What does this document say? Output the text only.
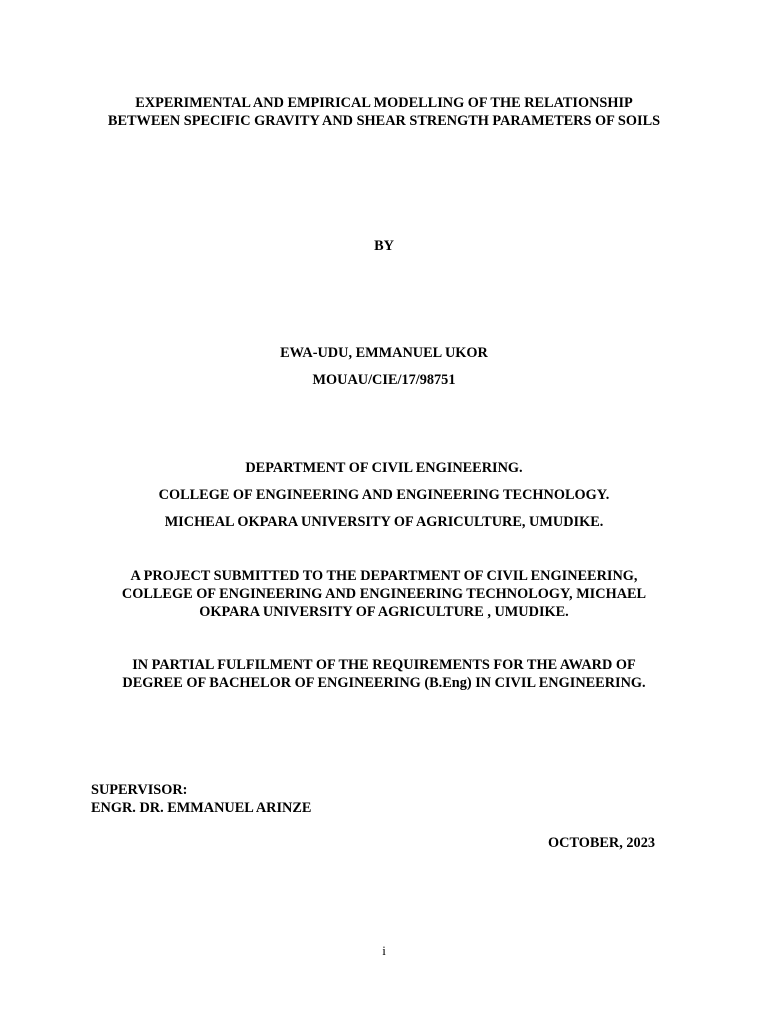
EXPERIMENTAL AND EMPIRICAL MODELLING OF THE RELATIONSHIP
BETWEEN SPECIFIC GRAVITY AND SHEAR STRENGTH PARAMETERS OF SOILS
BY
EWA-UDU, EMMANUEL UKOR
MOUAU/CIE/17/98751
DEPARTMENT OF CIVIL ENGINEERING.
COLLEGE OF ENGINEERING AND ENGINEERING TECHNOLOGY.
MICHEAL OKPARA UNIVERSITY OF AGRICULTURE, UMUDIKE.
A PROJECT SUBMITTED TO THE DEPARTMENT OF CIVIL ENGINEERING,
COLLEGE OF ENGINEERING AND ENGINEERING TECHNOLOGY, MICHAEL
OKPARA UNIVERSITY OF AGRICULTURE , UMUDIKE.
IN PARTIAL FULFILMENT OF THE REQUIREMENTS FOR THE AWARD OF
DEGREE OF BACHELOR OF ENGINEERING (B.Eng) IN CIVIL ENGINEERING.
SUPERVISOR:
ENGR. DR. EMMANUEL ARINZE
OCTOBER, 2023
i
